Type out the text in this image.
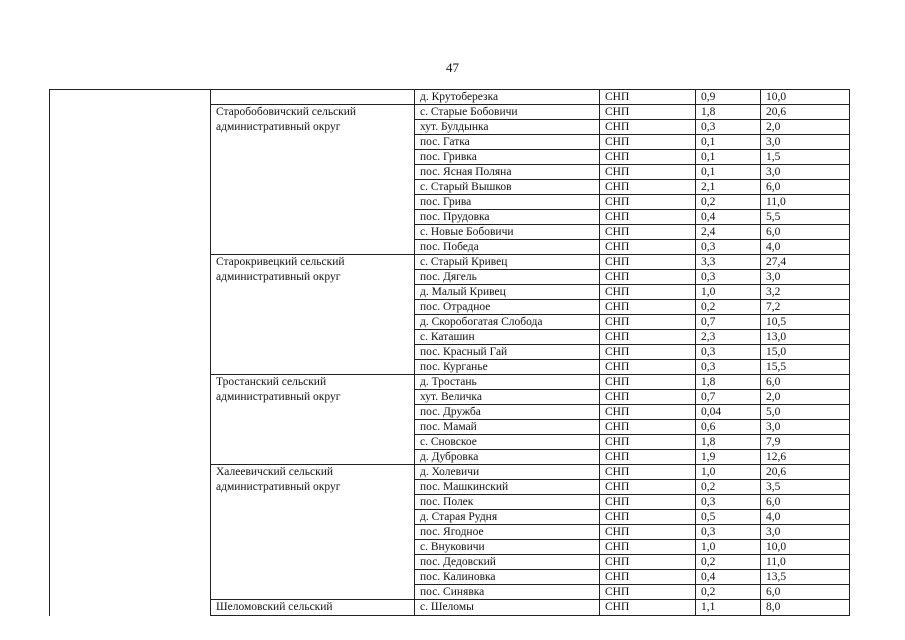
47
		д. Крутоберезка	СНП	0,9	10,0
	Старобобовичский сельский административный округ	с. Старые Бобовичи	СНП	1,8	20,6
		хут. Булдынка	СНП	0,3	2,0
		пос. Гатка	СНП	0,1	3,0
		пос. Гривка	СНП	0,1	1,5
		пос. Ясная Поляна	СНП	0,1	3,0
		с. Старый Вышков	СНП	2,1	6,0
		пос. Грива	СНП	0,2	11,0
		пос. Прудовка	СНП	0,4	5,5
		с. Новые Бобовичи	СНП	2,4	6,0
		пос. Победа	СНП	0,3	4,0
	Старокривецкий сельский административный округ	с. Старый Кривец	СНП	3,3	27,4
		пос. Дягель	СНП	0,3	3,0
		д. Малый Кривец	СНП	1,0	3,2
		пос. Отрадное	СНП	0,2	7,2
		д. Скоробогатая Слобода	СНП	0,7	10,5
		с. Каташин	СНП	2,3	13,0
		пос. Красный Гай	СНП	0,3	15,0
		пос. Курганье	СНП	0,3	15,5
	Тростанский сельский административный округ	д. Тростань	СНП	1,8	6,0
		хут. Величка	СНП	0,7	2,0
		пос. Дружба	СНП	0,04	5,0
		пос. Мамай	СНП	0,6	3,0
		с. Сновское	СНП	1,8	7,9
		д. Дубровка	СНП	1,9	12,6
	Халеевичский сельский административный округ	д. Холевичи	СНП	1,0	20,6
		пос. Машкинский	СНП	0,2	3,5
		пос. Полек	СНП	0,3	6,0
		д. Старая Рудня	СНП	0,5	4,0
		пос. Ягодное	СНП	0,3	3,0
		с. Внуковичи	СНП	1,0	10,0
		пос. Дедовский	СНП	0,2	11,0
		пос. Калиновка	СНП	0,4	13,5
		пос. Синявка	СНП	0,2	6,0
	Шеломовский сельский	с. Шеломы	СНП	1,1	8,0
